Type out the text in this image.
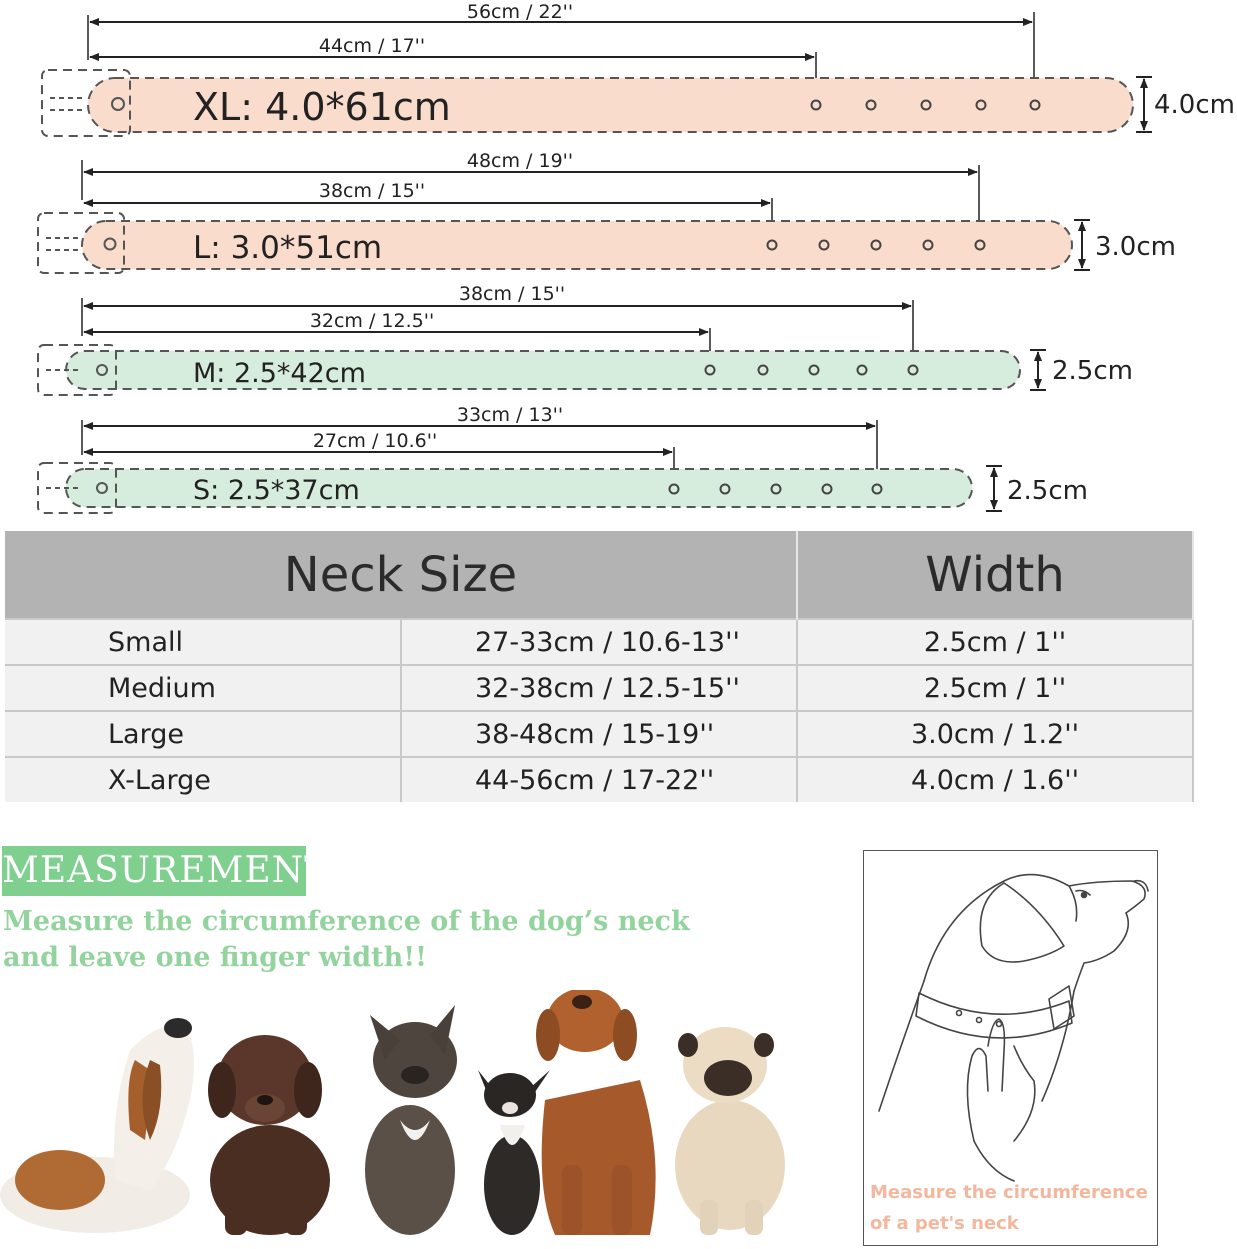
56cm / 22''
44cm / 17''
XL: 4.0*61cm	4.0cm
48cm / 19''
38cm / 15''
L: 3.0*51cm	3.0cm
38cm / 15''
32cm / 12.5''
M: 2.5*42cm	2.5cm
33cm / 13''
27cm / 10.6''
S: 2.5*37cm	2.5cm
Neck Size		Width
Small	27-33cm / 10.6-13''	2.5cm / 1''
Medium	32-38cm / 12.5-15''	2.5cm / 1''
Large	38-48cm / 15-19''	3.0cm / 1.2''
X-Large	44-56cm / 17-22''	4.0cm / 1.6''
MEASUREMENT
Measure the circumference of the dog’s neck and leave one finger width!!
Measure the circumference
of a pet's neck
